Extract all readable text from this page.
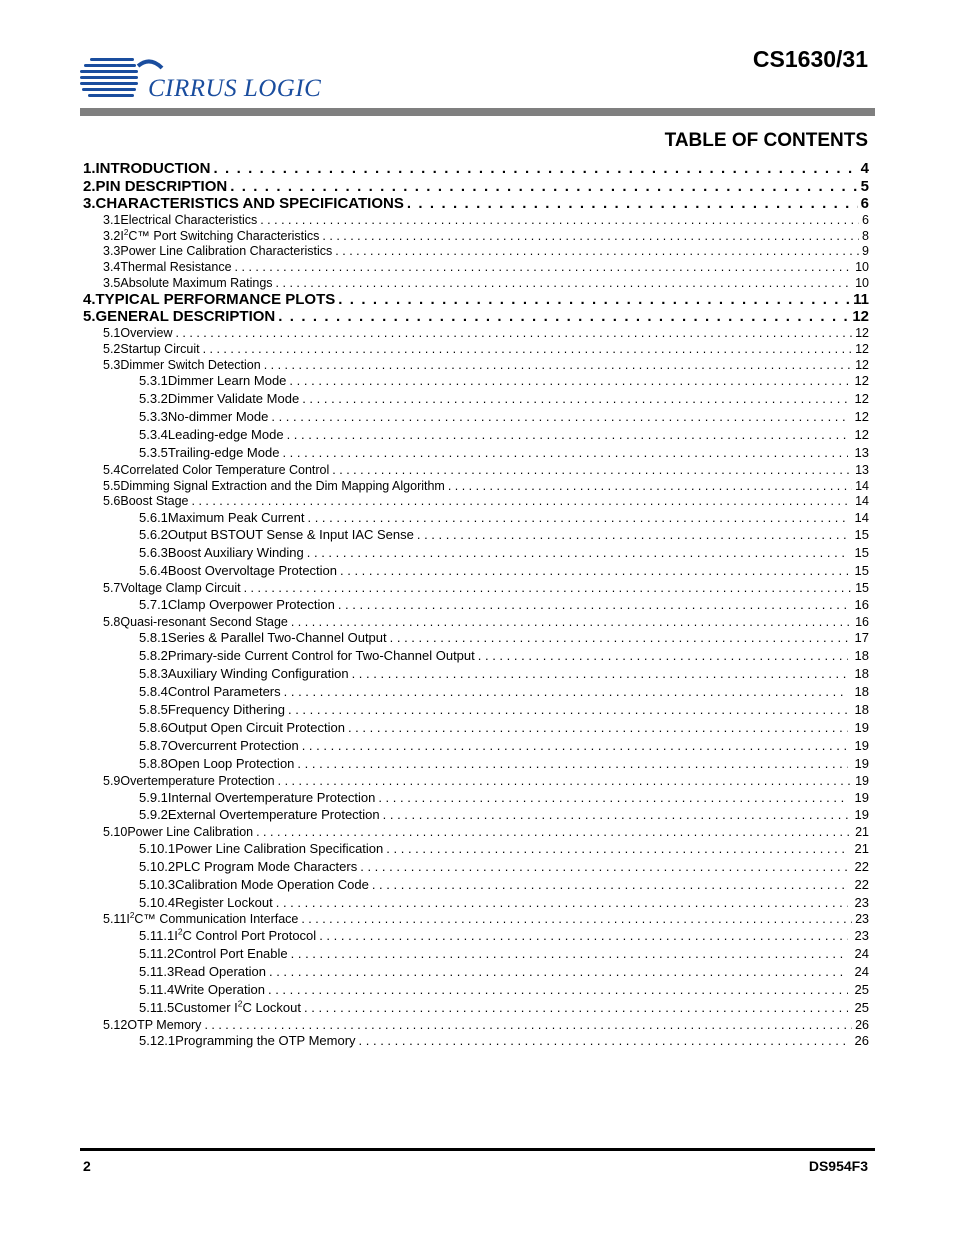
CIRRUS LOGIC
CS1630/31
TABLE OF CONTENTS
1.INTRODUCTION . . .	4
2.PIN DESCRIPTION . . .	5
3.CHARACTERISTICS AND SPECIFICATIONS . . .	6
3.1 Electrical Characteristics . . .	6
3.2 $I^2C™$ Port Switching Characteristics . . .	8
3.3 Power Line Calibration Characteristics . . .	9
3.4 Thermal Resistance . . .	10
3.5 Absolute Maximum Ratings . . .	10
4.TYPICAL PERFORMANCE PLOTS . . .	11
5.GENERAL DESCRIPTION . . .	12
5.1 Overview . . .	12
5.2 Startup Circuit . . .	12
5.3 Dimmer Switch Detection . . .	12
5.3.1 Dimmer Learn Mode . . .	12
5.3.2 Dimmer Validate Mode . . .	12
5.3.3 No-dimmer Mode . . .	12
5.3.4 Leading-edge Mode . . .	12
5.3.5 Trailing-edge Mode . . .	13
5.4 Correlated Color Temperature Control . . .	13
5.5 Dimming Signal Extraction and the Dim Mapping Algorithm . . .	14
5.6 Boost Stage . . .	14
5.6.1 Maximum Peak Current . . .	14
5.6.2 Output BSTOUT Sense & Input IAC Sense . . .	15
5.6.3 Boost Auxiliary Winding . . .	15
5.6.4 Boost Overvoltage Protection . . .	15
5.7 Voltage Clamp Circuit . . .	15
5.7.1 Clamp Overpower Protection . . .	16
5.8 Quasi-resonant Second Stage . . .	16
5.8.1 Series & Parallel Two-Channel Output . . .	17
5.8.2 Primary-side Current Control for Two-Channel Output . . .	18
5.8.3 Auxiliary Winding Configuration . . .	18
5.8.4 Control Parameters . . .	18
5.8.5 Frequency Dithering . . .	18
5.8.6 Output Open Circuit Protection . . .	19
5.8.7 Overcurrent Protection . . .	19
5.8.8 Open Loop Protection . . .	19
5.9 Overtemperature Protection . . .	19
5.9.1 Internal Overtemperature Protection . . .	19
5.9.2 External Overtemperature Protection . . .	19
5.10 Power Line Calibration . . .	21
5.10.1 Power Line Calibration Specification . . .	21
5.10.2 PLC Program Mode Characters . . .	22
5.10.3 Calibration Mode Operation Code . . .	22
5.10.4 Register Lockout . . .	23
5.11 $I^2C™$ Communication Interface . . .	23
5.11.1 $I^2C$ Control Port Protocol . . .	23
5.11.2 Control Port Enable . . .	24
5.11.3 Read Operation . . .	24
5.11.4 Write Operation . . .	25
5.11.5 Customer $I^2C$ Lockout . . .	25
5.12 OTP Memory . . .	26
5.12.1 Programming the OTP Memory . . .	26
2	DS954F3
